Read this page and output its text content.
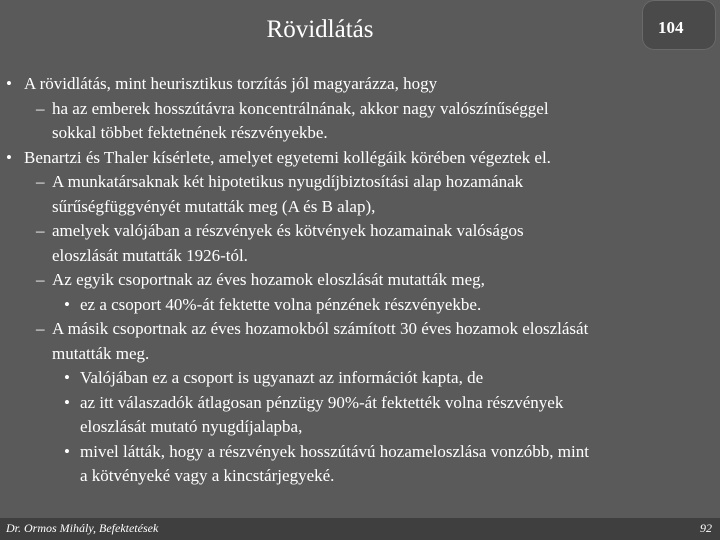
Rövidlátás	104
• A rövidlátás, mint heurisztikus torzítás jól magyarázza, hogy
– ha az emberek hosszútávra koncentrálnának, akkor nagy valószínűséggel
sokkal többet fektetnének részvényekbe.
• Benartzi és Thaler kísérlete, amelyet egyetemi kollégáik körében végeztek el.
– A munkatársaknak két hipotetikus nyugdíjbiztosítási alap hozamának
sűrűségfüggvényét mutatták meg (A és B alap),
– amelyek valójában a részvények és kötvények hozamainak valóságos
eloszlását mutatták 1926-tól.
– Az egyik csoportnak az éves hozamok eloszlását mutatták meg,
• ez a csoport 40%-át fektette volna pénzének részvényekbe.
– A másik csoportnak az éves hozamokból számított 30 éves hozamok eloszlását
mutatták meg.
• Valójában ez a csoport is ugyanazt az információt kapta, de
• az itt válaszadók átlagosan pénzügy 90%-át fektették volna részvények
eloszlását mutató nyugdíjalapba,
• mivel látták, hogy a részvények hosszútávú hozameloszlása vonzóbb, mint
a kötvényeké vagy a kincstárjegyeké.
Dr. Ormos Mihály, Befektetések	92
